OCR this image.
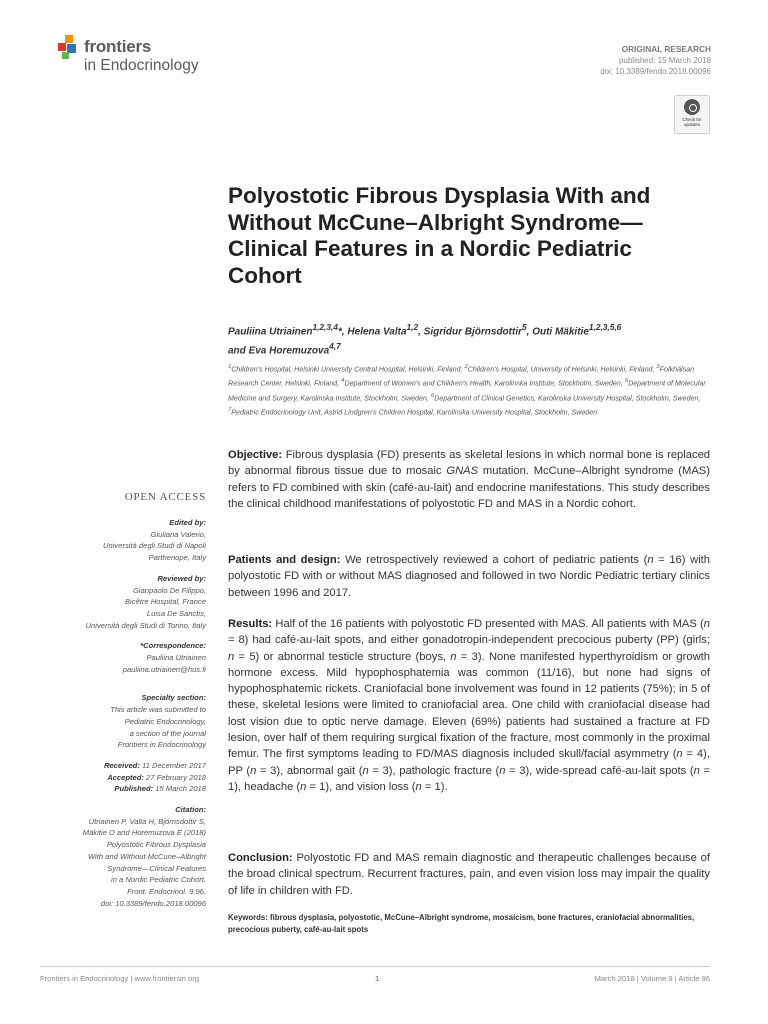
frontiers
in Endocrinology
ORIGINAL RESEARCH
published: 15 March 2018
doi: 10.3389/fendo.2018.00096
Check for updates
Polyostotic Fibrous Dysplasia With and Without McCune–Albright Syndrome—Clinical Features in a Nordic Pediatric Cohort
Pauliina Utriainen$^{1,2,3,4}$*, Helena Valta$^{1,2}$, Sigridur Björnsdottir$^5$, Outi Mäkitie$^{1,2,3,5,6}$
and Eva Horemuzova$^{4,7}$
$^1$Children's Hospital, Helsinki University Central Hospital, Helsinki, Finland, $^2$Children's Hospital, University of Helsinki, Helsinki, Finland, $^3$Folkhälsan Research Center, Helsinki, Finland, $^4$Department of Women's and Children's Health, Karolinska Institute, Stockholm, Sweden, $^5$Department of Molecular Medicine and Surgery, Karolinska Institute, Stockholm, Sweden, $^6$Department of Clinical Genetics, Karolinska University Hospital, Stockholm, Sweden, $^7$Pediatric Endocrinology Unit, Astrid Lindgren's Children Hospital, Karolinska University Hospital, Stockholm, Sweden
Objective: Fibrous dysplasia (FD) presents as skeletal lesions in which normal bone is replaced by abnormal fibrous tissue due to mosaic GNAS mutation. McCune–Albright syndrome (MAS) refers to FD combined with skin (café-au-lait) and endocrine manifestations. This study describes the clinical childhood manifestations of polyostotic FD and MAS in a Nordic cohort.
Patients and design: We retrospectively reviewed a cohort of pediatric patients (n = 16) with polyostotic FD with or without MAS diagnosed and followed in two Nordic Pediatric tertiary clinics between 1996 and 2017.
Results: Half of the 16 patients with polyostotic FD presented with MAS. All patients with MAS (n = 8) had café-au-lait spots, and either gonadotropin-independent precocious puberty (PP) (girls; n = 5) or abnormal testicle structure (boys, n = 3). None manifested hyperthyroidism or growth hormone excess. Mild hypophosphatemia was common (11/16), but none had signs of hypophosphatemic rickets. Craniofacial bone involvement was found in 12 patients (75%); in 5 of these, skeletal lesions were limited to craniofacial area. One child with craniofacial disease had lost vision due to optic nerve damage. Eleven (69%) patients had sustained a fracture at FD lesion, over half of them requiring surgical fixation of the fracture, most commonly in the proximal femur. The first symptoms leading to FD/MAS diagnosis included skull/facial asymmetry (n = 4), PP (n = 3), abnormal gait (n = 3), pathologic fracture (n = 3), wide-spread café-au-lait spots (n = 1), headache (n = 1), and vision loss (n = 1).
Conclusion: Polyostotic FD and MAS remain diagnostic and therapeutic challenges because of the broad clinical spectrum. Recurrent fractures, pain, and even vision loss may impair the quality of life in children with FD.
Keywords: fibrous dysplasia, polyostotic, McCune–Albright syndrome, mosaicism, bone fractures, craniofacial abnormalities, precocious puberty, café-au-lait spots
OPEN ACCESS
Edited by:
Giuliana Valerio,
Università degli Studi di Napoli
Parthenope, Italy
Reviewed by:
Gianpaolo De Filippo,
Bicêtre Hospital, France
Luisa De Sanctis,
Università degli Studi di Torino, Italy
*Correspondence:
Pauliina Utriainen
pauliina.utriainen@hus.fi
Specialty section:
This article was submitted to
Pediatric Endocrinology,
a section of the journal
Frontiers in Endocrinology
Received: 11 December 2017
Accepted: 27 February 2018
Published: 15 March 2018
Citation:
Utriainen P, Valta H, Björnsdottir S,
Mäkitie O and Horemuzova E (2018)
Polyostotic Fibrous Dysplasia
With and Without McCune–Albright
Syndrome—Clinical Features
in a Nordic Pediatric Cohort.
Front. Endocrinol. 9:96.
doi: 10.3389/fendo.2018.00096
Frontiers in Endocrinology | www.frontiersin.org	1	March 2018 | Volume 9 | Article 96
